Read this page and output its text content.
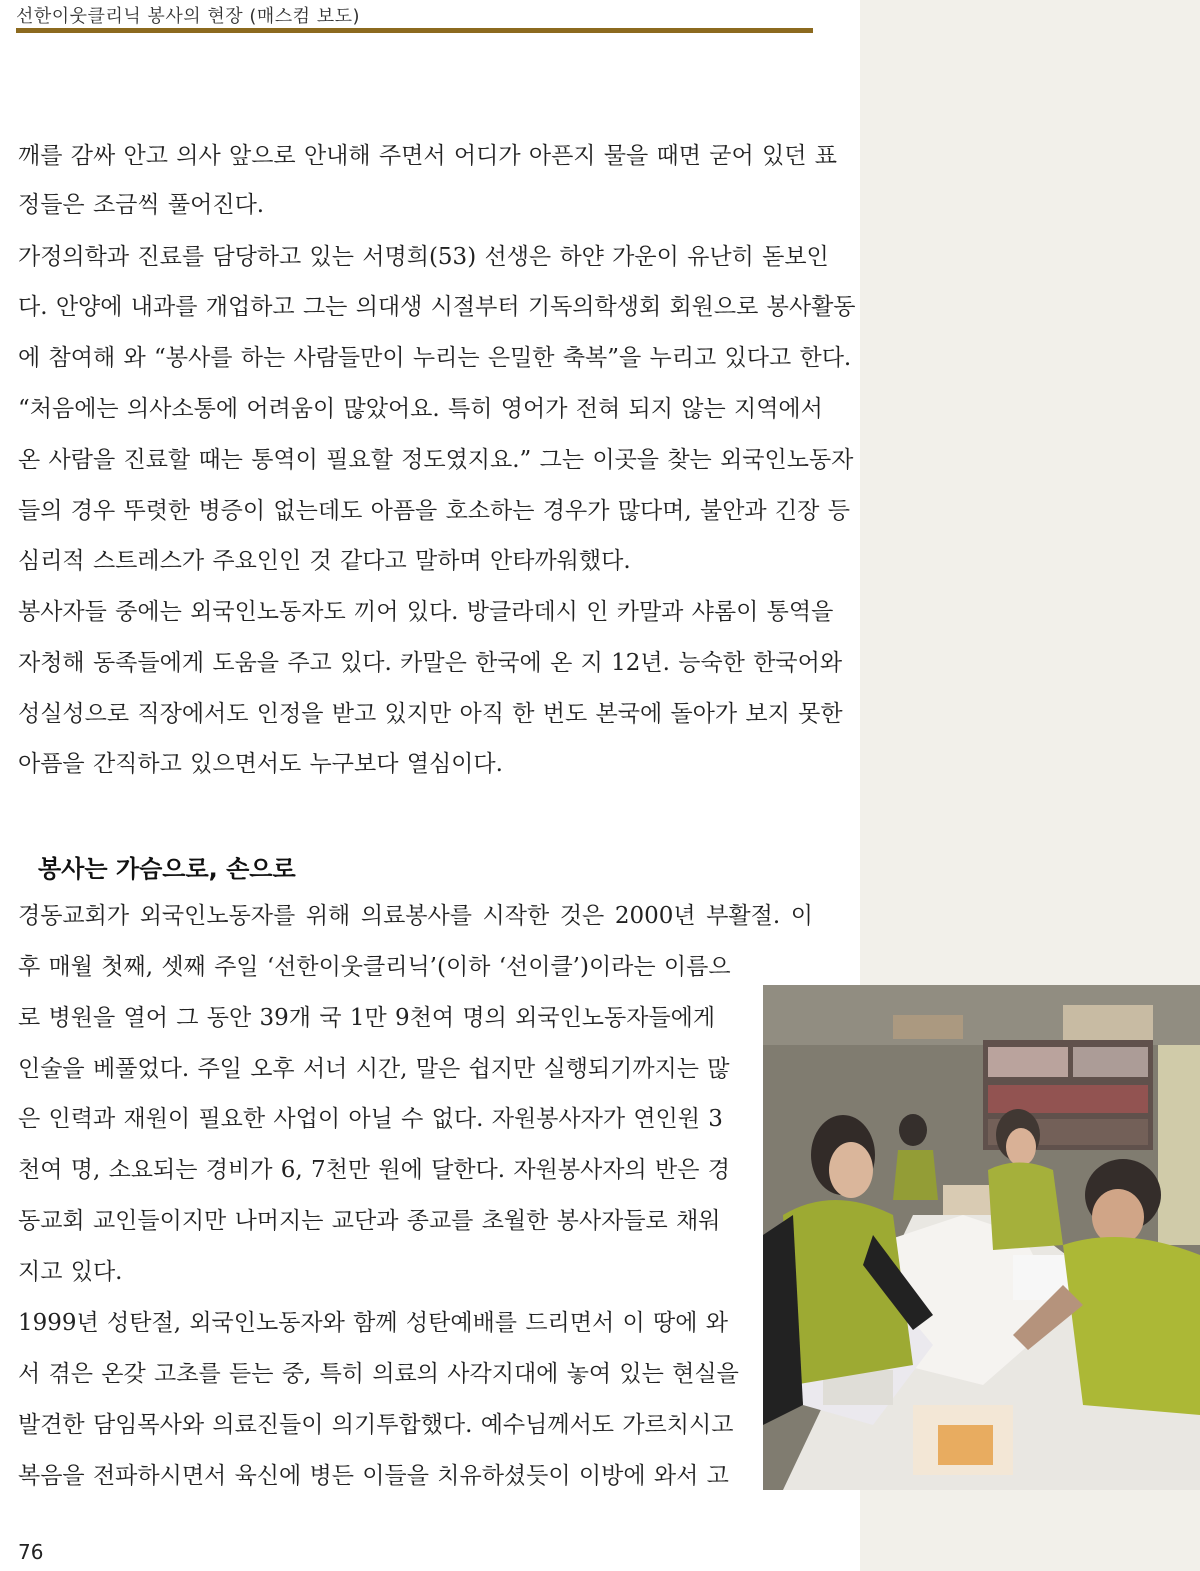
선한이웃클리닉 봉사의 현장 (매스컴 보도)
깨를 감싸 안고 의사 앞으로 안내해 주면서 어디가 아픈지 물을 때면 굳어 있던 표
정들은 조금씩 풀어진다.
가정의학과 진료를 담당하고 있는 서명희(53) 선생은 하얀 가운이 유난히 돋보인
다. 안양에 내과를 개업하고 그는 의대생 시절부터 기독의학생회 회원으로 봉사활동
에 참여해 와 “봉사를 하는 사람들만이 누리는 은밀한 축복”을 누리고 있다고 한다.
“처음에는 의사소통에 어려움이 많았어요. 특히 영어가 전혀 되지 않는 지역에서
온 사람을 진료할 때는 통역이 필요할 정도였지요.” 그는 이곳을 찾는 외국인노동자
들의 경우 뚜렷한 병증이 없는데도 아픔을 호소하는 경우가 많다며, 불안과 긴장 등
심리적 스트레스가 주요인인 것 같다고 말하며 안타까워했다.
봉사자들 중에는 외국인노동자도 끼어 있다. 방글라데시 인 카말과 샤롬이 통역을
자청해 동족들에게 도움을 주고 있다. 카말은 한국에 온 지 12년. 능숙한 한국어와
성실성으로 직장에서도 인정을 받고 있지만 아직 한 번도 본국에 돌아가 보지 못한
아픔을 간직하고 있으면서도 누구보다 열심이다.
봉사는 가슴으로, 손으로
경동교회가 외국인노동자를 위해 의료봉사를 시작한 것은 2000년 부활절. 이
후 매월 첫째, 셋째 주일 ‘선한이웃클리닉’(이하 ‘선이클’)이라는 이름으
로 병원을 열어 그 동안 39개 국 1만 9천여 명의 외국인노동자들에게
인술을 베풀었다. 주일 오후 서너 시간, 말은 쉽지만 실행되기까지는 많
은 인력과 재원이 필요한 사업이 아닐 수 없다. 자원봉사자가 연인원 3
천여 명, 소요되는 경비가 6, 7천만 원에 달한다. 자원봉사자의 반은 경
동교회 교인들이지만 나머지는 교단과 종교를 초월한 봉사자들로 채워
지고 있다.
1999년 성탄절, 외국인노동자와 함께 성탄예배를 드리면서 이 땅에 와
서 겪은 온갖 고초를 듣는 중, 특히 의료의 사각지대에 놓여 있는 현실을
발견한 담임목사와 의료진들이 의기투합했다. 예수님께서도 가르치시고
복음을 전파하시면서 육신에 병든 이들을 치유하셨듯이 이방에 와서 고
76
